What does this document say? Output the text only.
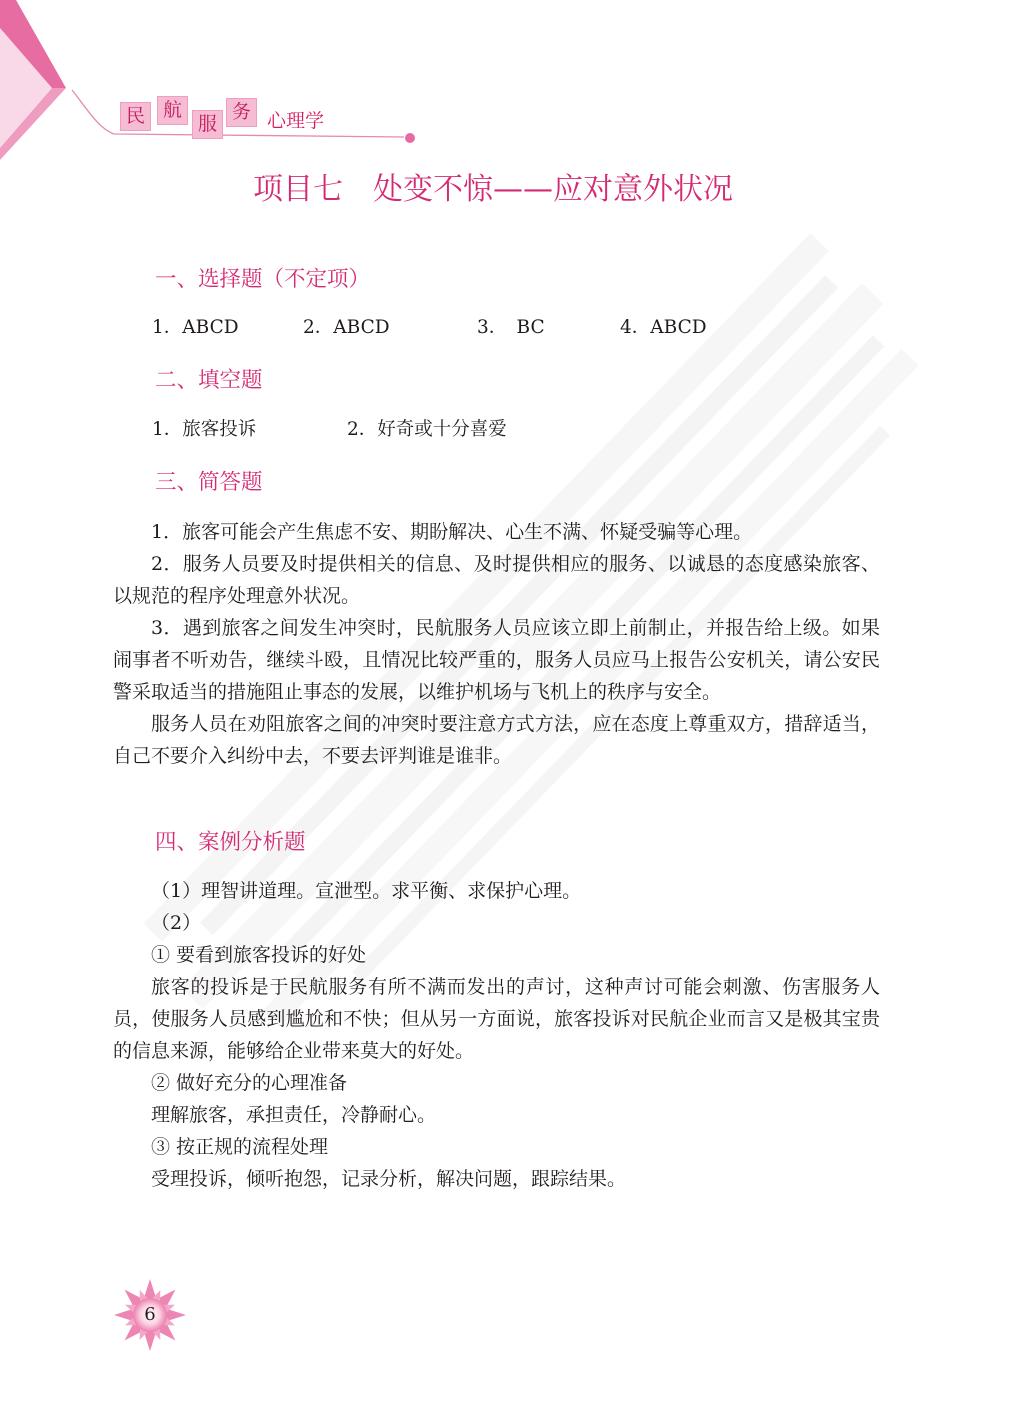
民 航
服
务 心理学
项目七　处变不惊——应对意外状况
一、选择题（不定项）
1．ABCD	2．ABCD	3．　BC	4．ABCD
二、填空题
1．旅客投诉	2．好奇或十分喜爱
三、简答题

1．旅客可能会产生焦虑不安、期盼解决、心生不满、怀疑受骗等心理。

2．服务人员要及时提供相关的信息、及时提供相应的服务、以诚恳的态度感染旅客、以规范的程序处理意外状况。

3．遇到旅客之间发生冲突时，民航服务人员应该立即上前制止，并报告给上级。如果闹事者不听劝告，继续斗殴，且情况比较严重的，服务人员应马上报告公安机关，请公安民警采取适当的措施阻止事态的发展，以维护机场与飞机上的秩序与安全。

服务人员在劝阻旅客之间的冲突时要注意方式方法，应在态度上尊重双方，措辞适当，自己不要介入纠纷中去，不要去评判谁是谁非。

四、案例分析题

（1）理智讲道理。宣泄型。求平衡、求保护心理。

（2）

① 要看到旅客投诉的好处

旅客的投诉是于民航服务有所不满而发出的声讨，这种声讨可能会刺激、伤害服务人员，使服务人员感到尴尬和不快；但从另一方面说，旅客投诉对民航企业而言又是极其宝贵的信息来源，能够给企业带来莫大的好处。

② 做好充分的心理准备

理解旅客，承担责任，冷静耐心。

③ 按正规的流程处理

受理投诉，倾听抱怨，记录分析，解决问题，跟踪结果。

6
